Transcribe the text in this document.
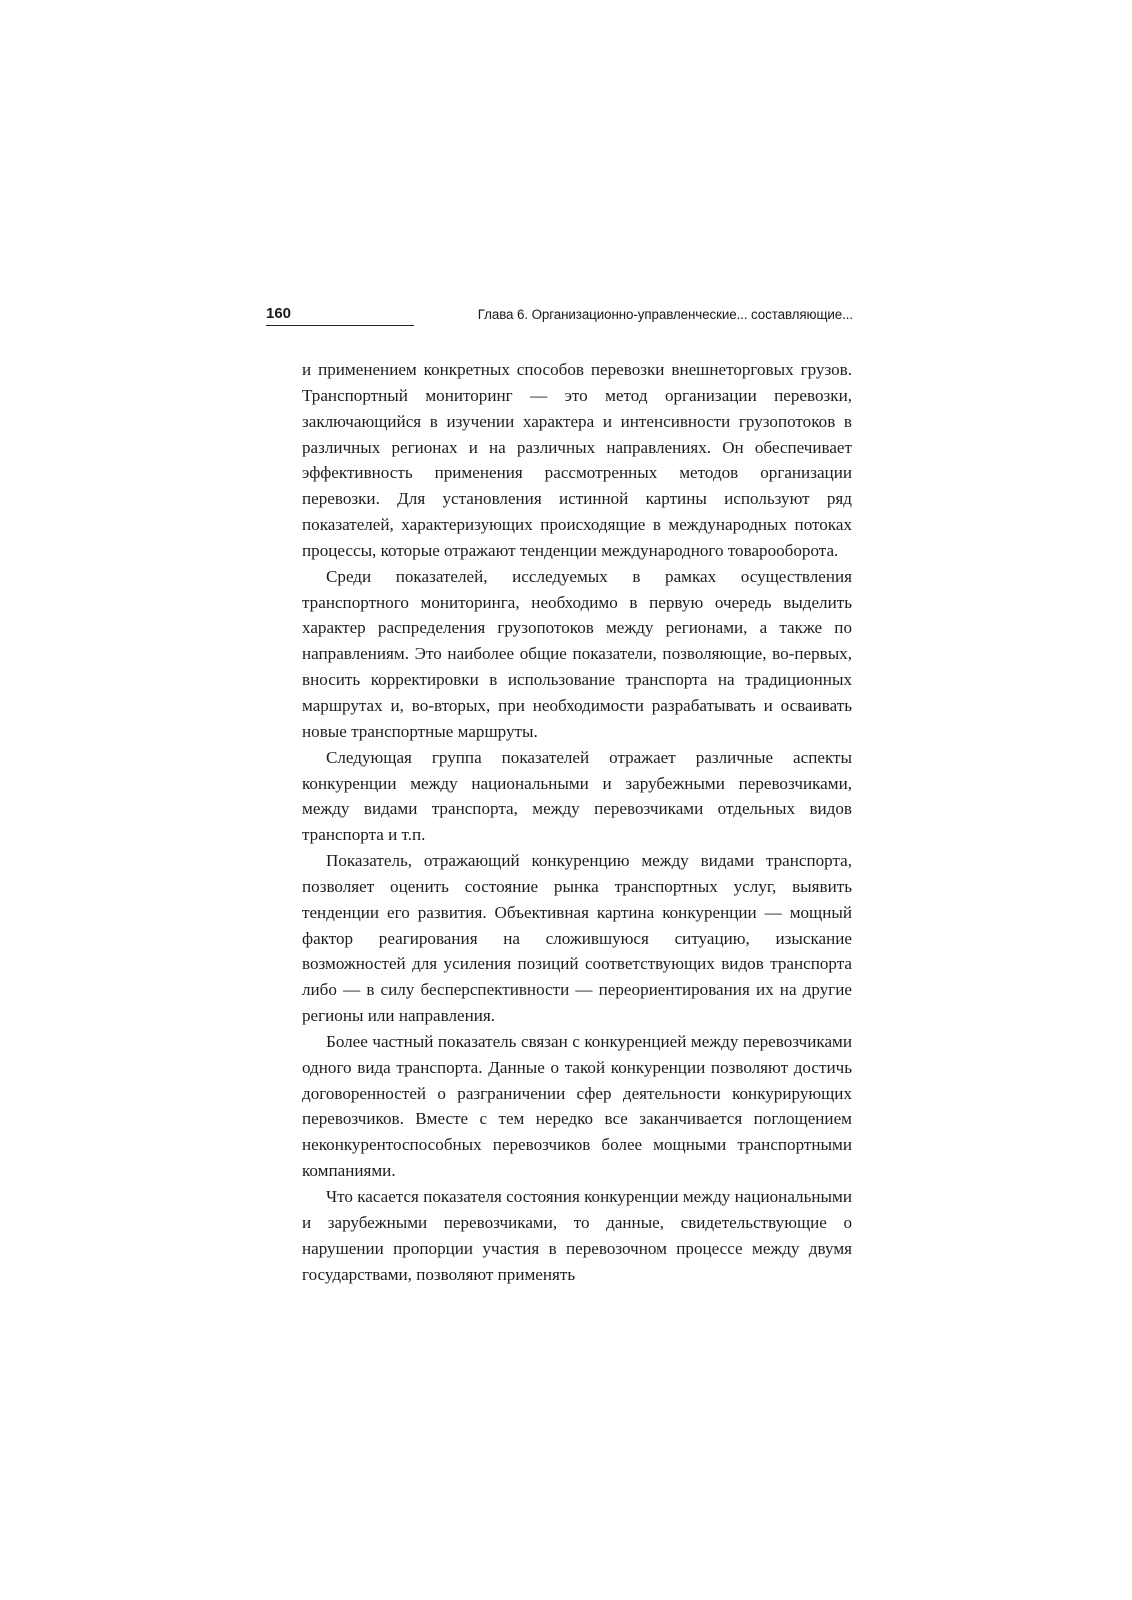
160	Глава 6. Организационно-управленческие... составляющие...

и применением конкретных способов перевозки внешнеторговых грузов. Транспортный мониторинг — это метод организации перевозки, заключающийся в изучении характера и интенсивности грузопотоков в различных регионах и на различных направлениях. Он обеспечивает эффективность применения рассмотренных методов организации перевозки. Для установления истинной картины используют ряд показателей, характеризующих происходящие в международных потоках процессы, которые отражают тенденции международного товарооборота.

Среди показателей, исследуемых в рамках осуществления транспортного мониторинга, необходимо в первую очередь выделить характер распределения грузопотоков между регионами, а также по направлениям. Это наиболее общие показатели, позволяющие, во-первых, вносить корректировки в использование транспорта на традиционных маршрутах и, во-вторых, при необходимости разрабатывать и осваивать новые транспортные маршруты.

Следующая группа показателей отражает различные аспекты конкуренции между национальными и зарубежными перевозчиками, между видами транспорта, между перевозчиками отдельных видов транспорта и т.п.

Показатель, отражающий конкуренцию между видами транспорта, позволяет оценить состояние рынка транспортных услуг, выявить тенденции его развития. Объективная картина конкуренции — мощный фактор реагирования на сложившуюся ситуацию, изыскание возможностей для усиления позиций соответствующих видов транспорта либо — в силу бесперспективности — переориентирования их на другие регионы или направления.

Более частный показатель связан с конкуренцией между перевозчиками одного вида транспорта. Данные о такой конкуренции позволяют достичь договоренностей о разграничении сфер деятельности конкурирующих перевозчиков. Вместе с тем нередко все заканчивается поглощением неконкурентоспособных перевозчиков более мощными транспортными компаниями.

Что касается показателя состояния конкуренции между национальными и зарубежными перевозчиками, то данные, свидетельствующие о нарушении пропорции участия в перевозочном процессе между двумя государствами, позволяют применять
